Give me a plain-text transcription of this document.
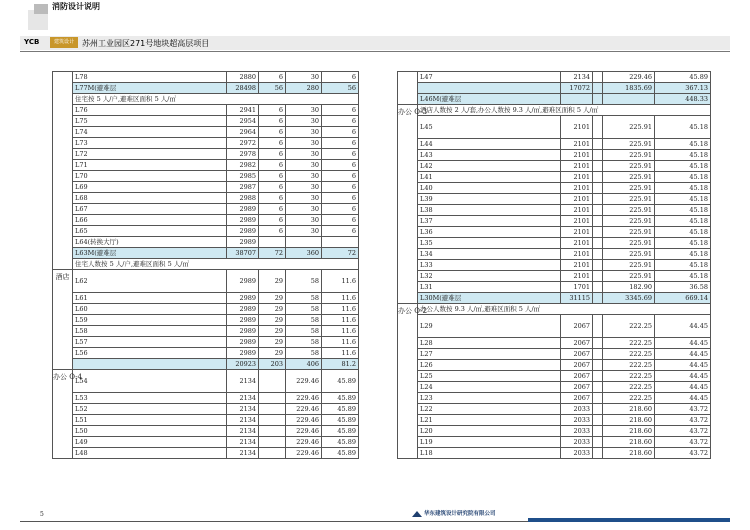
消防设计说明
YCB	建筑设计	苏州工业园区271号地块超高层项目
	L78	2880	6	30	6
	L77M(避难层	28498	56	280	56
	住宅按 5 人/户,避难区面积 5 人/㎡				
	L76	2941	6	30	6
	L75	2954	6	30	6
	L74	2964	6	30	6
	L73	2972	6	30	6
	L72	2978	6	30	6
	L71	2982	6	30	6
	L70	2985	6	30	6
	L69	2987	6	30	6
	L68	2988	6	30	6
	L67	2989	6	30	6
	L66	2989	6	30	6
	L65	2989	6	30	6
	L64(转换大厅)	2989			
	L63M(避难层	38707	72	360	72
	住宅人数按 5 人/户,避难区面积 5 人/㎡				
酒店	L62	2989	29	58	11.6
	L61	2989	29	58	11.6
	L60	2989	29	58	11.6
	L59	2989	29	58	11.6
	L58	2989	29	58	11.6
	L57	2989	29	58	11.6
	L56	2989	29	58	11.6
		20923	203	406	81.2
办公 O-4	L54	2134		229.46	45.89
	L53	2134		229.46	45.89
	L52	2134		229.46	45.89
	L51	2134		229.46	45.89
	L50	2134		229.46	45.89
	L49	2134		229.46	45.89
	L48	2134		229.46	45.89
	L47	2134		229.46	45.89
		17072		1835.69	367.13
	L46M(避难层				448.33
办公 O-3	酒店人数按 2 人/套,办公人数按 9.3 人/㎡,避难区面积 5 人/㎡				
	L45	2101		225.91	45.18
	L44	2101		225.91	45.18
	L43	2101		225.91	45.18
	L42	2101		225.91	45.18
	L41	2101		225.91	45.18
	L40	2101		225.91	45.18
	L39	2101		225.91	45.18
	L38	2101		225.91	45.18
	L37	2101		225.91	45.18
	L36	2101		225.91	45.18
	L35	2101		225.91	45.18
	L34	2101		225.91	45.18
	L33	2101		225.91	45.18
	L32	2101		225.91	45.18
	L31	1701		182.90	36.58
	L30M(避难层	31115		3345.69	669.14
办公 O-2	办公人数按 9.3 人/㎡,避难区面积 5 人/㎡				
	L29	2067		222.25	44.45
	L28	2067		222.25	44.45
	L27	2067		222.25	44.45
	L26	2067		222.25	44.45
	L25	2067		222.25	44.45
	L24	2067		222.25	44.45
	L23	2067		222.25	44.45
	L22	2033		218.60	43.72
	L21	2033		218.60	43.72
	L20	2033		218.60	43.72
	L19	2033		218.60	43.72
	L18	2033		218.60	43.72
5	华东建筑设计研究院有限公司
